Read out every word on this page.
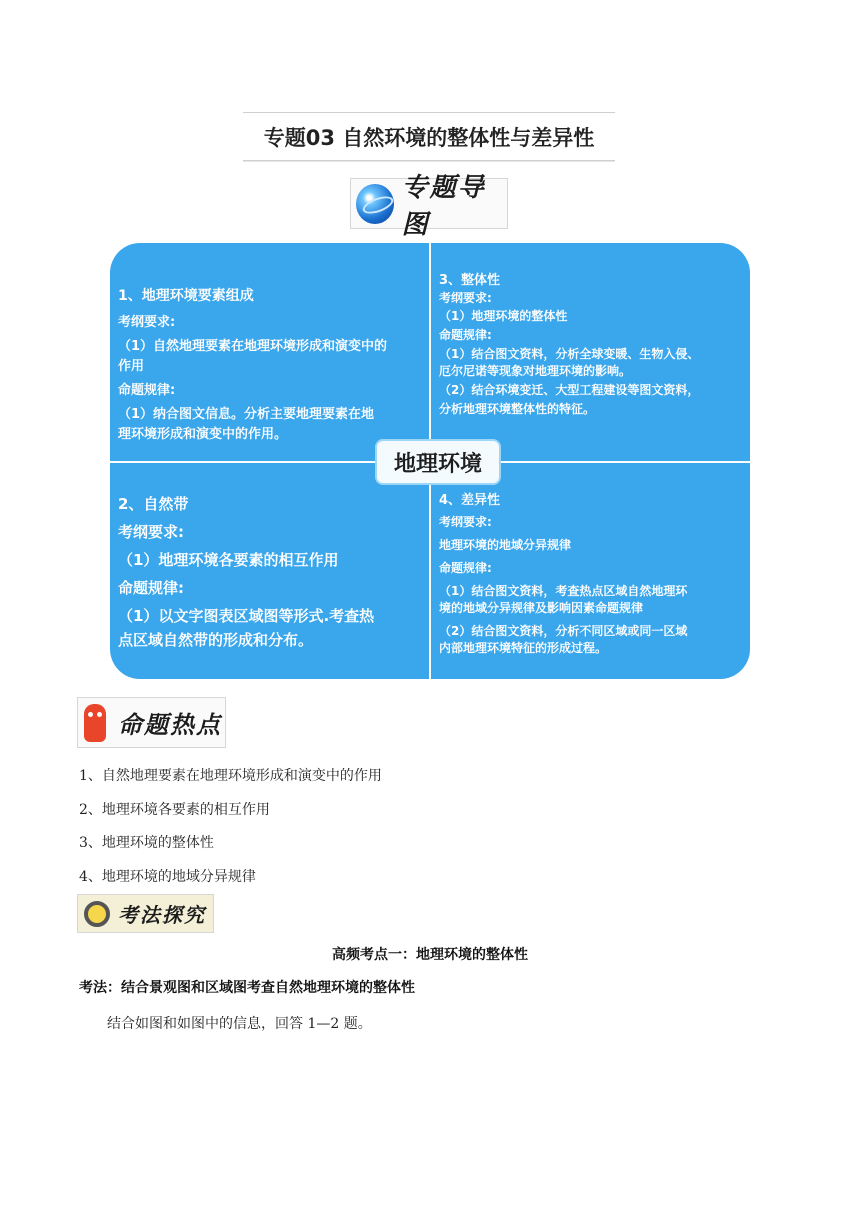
专题03 自然环境的整体性与差异性
专题导图
1、地理环境要素组成
考纲要求:
（1）自然地理要素在地理环境形成和演变中的
作用
命题规律:
（1）纳合图文信息。分析主要地理要素在地
理环境形成和演变中的作用。
3、整体性
考纲要求:
（1）地理环境的整体性
命题规律:
（1）结合图文资料，分析全球变暖、生物入侵、
厄尔尼诺等现象对地理环境的影响。
（2）结合环境变迁、大型工程建设等图文资料，
分析地理环境整体性的特征。
2、自然带
考纲要求:
（1）地理环境各要素的相互作用
命题规律:
（1）以文字图表区域图等形式.考查热
点区域自然带的形成和分布。
4、差异性
考纲要求:
地理环境的地域分异规律
命题规律:
（1）结合图文资料，考查热点区域自然地理环
境的地域分异规律及影响因素命题规律
（2）结合图文资料，分析不同区域或同一区域
内部地理环境特征的形成过程。
地理环境
命题热点
1、自然地理要素在地理环境形成和演变中的作用
2、地理环境各要素的相互作用
3、地理环境的整体性
4、地理环境的地域分异规律
考法探究
高频考点一：地理环境的整体性
考法：结合景观图和区域图考查自然地理环境的整体性
结合如图和如图中的信息，回答 1—2 题。
